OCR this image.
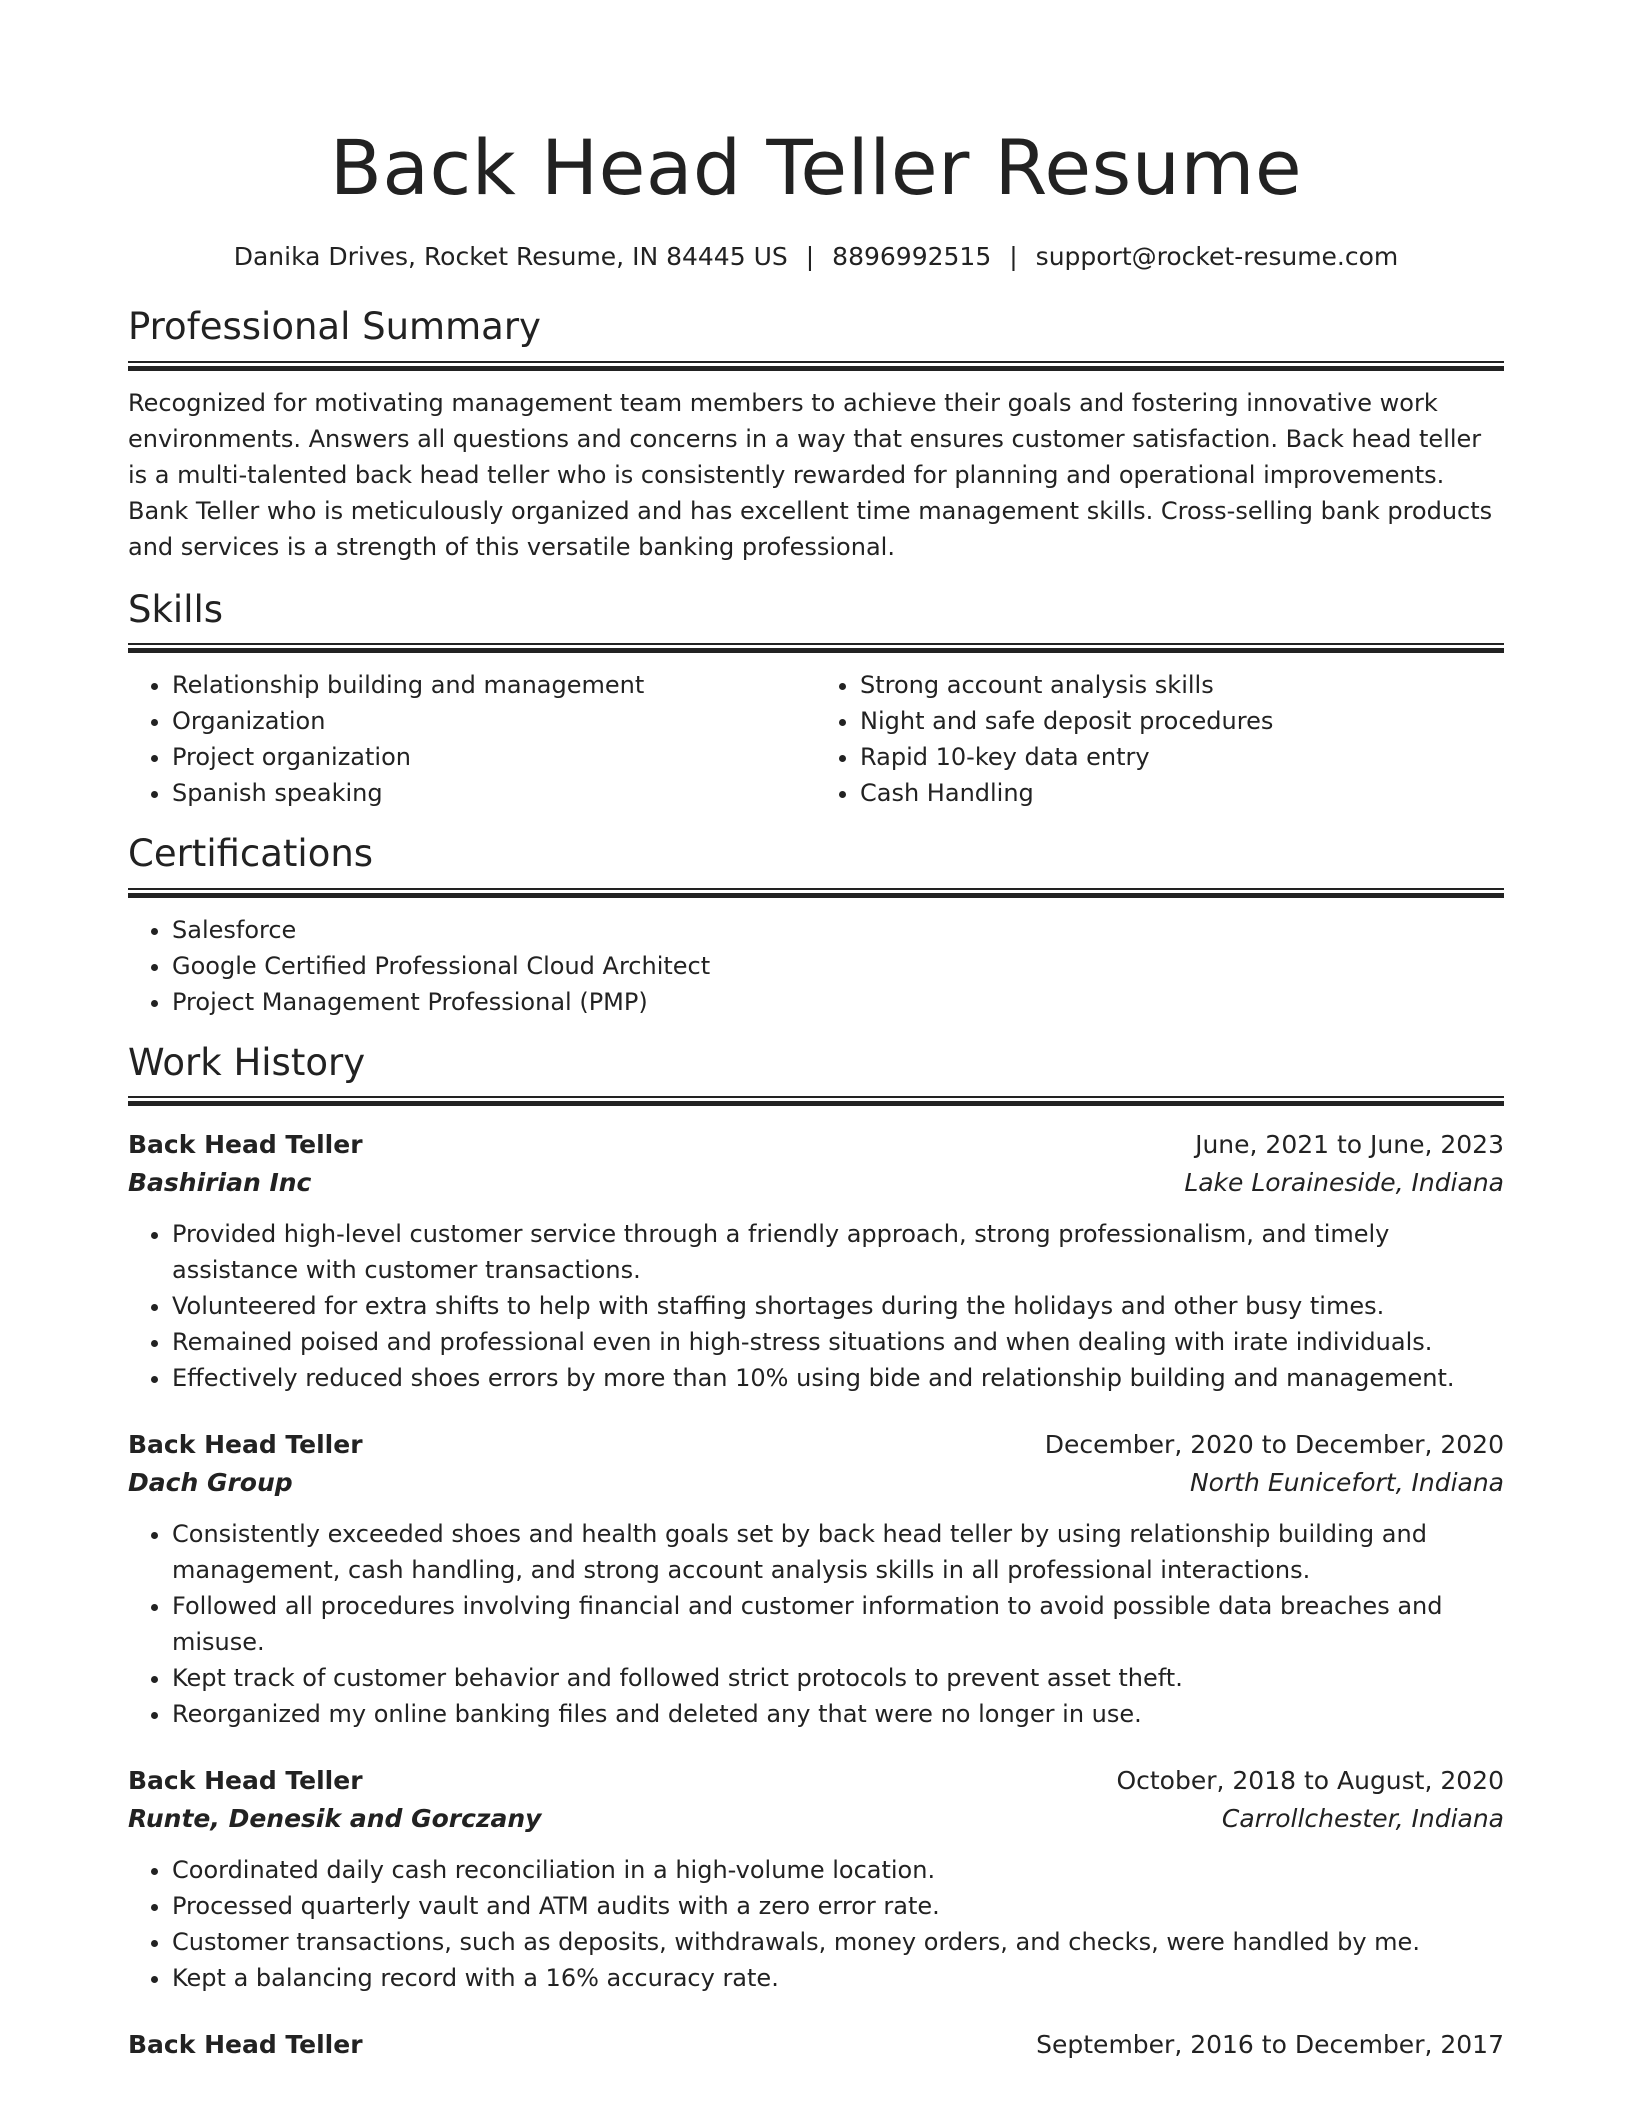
Back Head Teller Resume
Danika Drives, Rocket Resume, IN 84445 US | 8896992515 | support@rocket-resume.com
Professional Summary

Recognized for motivating management team members to achieve their goals and fostering innovative work environments. Answers all questions and concerns in a way that ensures customer satisfaction. Back head teller is a multi-talented back head teller who is consistently rewarded for planning and operational improvements. Bank Teller who is meticulously organized and has excellent time management skills. Cross-selling bank products and services is a strength of this versatile banking professional.

Skills
• Relationship building and management
• Organization
• Project organization
• Spanish speaking
• Strong account analysis skills
• Night and safe deposit procedures
• Rapid 10-key data entry
• Cash Handling
Certifications
• Salesforce
• Google Certified Professional Cloud Architect
• Project Management Professional (PMP)
Work History
Back Head Teller	June, 2021 to June, 2023
Bashirian Inc	Lake Loraineside, Indiana
• Provided high-level customer service through a friendly approach, strong professionalism, and timely assistance with customer transactions.
• Volunteered for extra shifts to help with staffing shortages during the holidays and other busy times.
• Remained poised and professional even in high-stress situations and when dealing with irate individuals.
• Effectively reduced shoes errors by more than 10% using bide and relationship building and management.
Back Head Teller	December, 2020 to December, 2020
Dach Group	North Eunicefort, Indiana
• Consistently exceeded shoes and health goals set by back head teller by using relationship building and management, cash handling, and strong account analysis skills in all professional interactions.
• Followed all procedures involving financial and customer information to avoid possible data breaches and misuse.
• Kept track of customer behavior and followed strict protocols to prevent asset theft.
• Reorganized my online banking files and deleted any that were no longer in use.
Back Head Teller	October, 2018 to August, 2020
Runte, Denesik and Gorczany	Carrollchester, Indiana
• Coordinated daily cash reconciliation in a high-volume location.
• Processed quarterly vault and ATM audits with a zero error rate.
• Customer transactions, such as deposits, withdrawals, money orders, and checks, were handled by me.
• Kept a balancing record with a 16% accuracy rate.
Back Head Teller	September, 2016 to December, 2017
